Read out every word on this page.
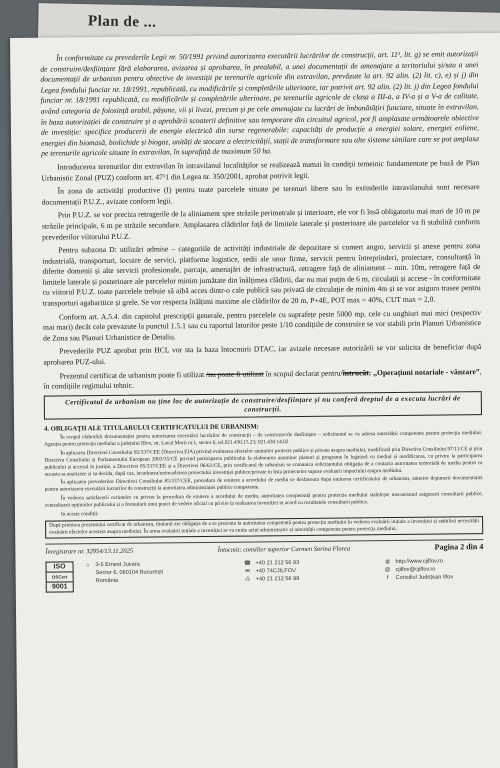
Plan de ...

În conformitate cu prevederile Legii nr. 50/1991 privind autorizarea executării lucrărilor de construcții, art. 11¹, lit. g) se emit autorizații de construire/desființare fără elaborarea, avizarea și aprobarea, în prealabil, a unei documentații de amenajare a teritoriului și/sau a unei documentații de urbanism pentru obiective de investiții pe terenurile agricole din extravilan, prevăzute la art. 92 alin. (2) lit. c), e) și j) din Legea fondului funciar nr. 18/1991, republicată, cu modificările și completările ulterioare, iar potrivit art. 92 alin. (2) lit. j) din Legea fondului funciar nr. 18/1991 republicată, cu modificările și completările ulterioare, pe terenurile agricole de clasa a III-a, a IV-a și a V-a de calitate, având categoria de folosință arabil, pășune, vii și livezi, precum și pe cele amenajate cu lucrări de îmbunătățiri funciare, situate în extravilan, în baza autorizației de construire și a aprobării scoaterii definitive sau temporare din circuitul agricol, pot fi amplasate următoarele obiective de investiție: specifice producerii de energie electrică din surse regenerabile: capacități de producție a energiei solare, energiei eoliene, energiei din biomasă, biolichide și biogaz, unități de stocare a electricității, stații de transformare sau alte sisteme similare care se pot amplasa pe terenurile agricole situate în extravilan, în suprafață de maximum 50 ha.

Introducerea terenurilor din extravilan în intravilanul localităților se realizează numai în condiții temeinic fundamentate pe bază de Plan Urbanistic Zonal (PUZ) conform art. 47¹1 din Legea nr. 350/2001, aprobat potrivit legii.

În zona de activități productive (I) pentru toate parcelele situate pe terenuri libere sau în extinderile intravilanului sunt necesare documentații P.U.Z., avizate conform legii.

Prin P.U.Z. se vor preciza retragerile de la aliniament spre străzile perimetrale și interioare, ele vor fi însă obligatoriu mai mari de 10 m pe străzile principale, 6 m pe străzile secundare. Amplasarea clădirilor față de limitele laterale și posterioare ale parcelelor va fi stabilită conform prevederilor viitorului P.U.Z.

Pentru subzona D: utilizări admise – categoriile de activități industriale de depozitare si comert angro, servicii și anexe pentru zona industrială, transporturi, locuire de servici, platforme logistice, sedii ale unor firme, servicii pentru întreprinderi, proiectare, consultanță în diferite domenii și alte servicii profesionale, parcaje, amenajări de infrastructură, retragere față de aliniament – min. 10m, retragere față de limitele laterale și posterioare ale parcelelor minim jumătate din înălțimea clădirii, dar nu mai puțin de 6 m, circulații și accese - în conformitate cu viitorul P.U.Z. toate parcelele trebuie să aibă acces dintr-o cale publică sau privată de circulație de minim 4m și se vor asigura trasee pentru transporturi agabaritice și grele. Se vor respecta înălțimi maxime ale clădirilor de 20 m, P+4E, POT max = 40%, CUT max = 2,0.

Conform art. A.5.4. din capitolul prescripții generale, pentru parcelele cu suprafețe peste 5000 mp, cele cu unghiuri mai mici (respectiv mai mari) decât cele prevazute la punctul 1.5.1 sau cu raportul laturilor peste 1/10 condițiile de construire se vor stabili prin Planuri Urbanistice de Zona sau Planuri Urbanistice de Detaliu.

Prevederile PUZ aprobat prin HCL vor sta la baza întocmirii DTAC, iar avizele necesare autorizării se vor solicita de beneficiar după aprobarea PUZ-ului.

Prezentul certificat de urbanism poate fi utilizat /nu poate fi utilizat în scopul declarat pentru/întrucât: „Operațiuni notariale - vânzare”, în condițiile regimului tehnic.

Certificatul de urbanism nu ține loc de autorizație de construire/desființare și nu conferă dreptul de a executa lucrări de construcții.
4. OBLIGAȚII ALE TITULARULUI CERTIFICATULUI DE URBANISM:

În scopul elaborării documentației pentru autorizarea executării lucrărilor de construcții – de construire/de desființare – solicitantul se va adresa autorității competente pentru protecția mediului: Agenția pentru protecția mediului a județului Ilfov, str. Lacul Morii nr.1, sector 6, tel.021.430.15.23; 021.430.14.02

În aplicarea Directivei Consiliului 85/337/CEE (Directiva EIA) privind evaluarea efectelor anumitor proiecte publice și private asupra mediului, modificată prin Directiva Consiliului 97/11/CE și prin Directiva Consiliului și Parlamentului European 2003/35/CE privind participarea publicului la elaborarea anumitor planuri și programe în legatură cu mediul și modificarea, cu privire la participarea publicului și accesul la justiție, a Directivei 85/337/CEE și a Directivei 96/61/CE, prin certificatul de urbanism se comunica solicitantului obligația de a contacta autoritatea teritorială de mediu pentru ca aceasta sa analizeze și sa decida, după caz, incadrarea/neincadrarea proiectului investiției publice/private in lista proiectelor supuse evaluarii impactului asupra mediului.

În aplicarea prevederilor Directivei Consiliului 85/337/CEE, procedura de emitere a acordului de mediu se desfasoara dupa emiterea certificatului de urbanism, anterior depunerii documentației pentru autorizarea executării lucrarilor de construcții la autoritatea administrației publice competente.

În vederea satisfacerii cerintelor cu privire la procedura de emitere a acordului de mediu, autoritatea competentă pentru protecția mediului stabilește mecanismul asigurarii consultarii publice, centralizarii opțiunilor publicului și a formularii unui punct de vedere oficial cu privire la realizarea investiției in acord cu rezultatele consultarii publice.

In aceste condiții:

După primirea prezentului certificat de urbanism, titularul are obligația de a se prezenta la autoritatea competentă pentru protecția mediului în vederea evaluării inițiale a investiției și stabilirii necesității evaluării efectelor acesteia asupra mediului. În urma evaluării inițiale a investiției se va emite actul administrativ al autorității competente pentru protecția mediului.

Înregistrare nr. 32954/13.11.2025	Întocmit: consilier superior Carmen Sorina Florea	Pagina 2 din 4
ISO
OSCert
9001
⌂ 3-5 Ernest Juvara
Sector 6, 060104 București
România
☎ +40 21 212 56 93
✉ +40 74CJILFOV
⎙ +40 21 212 56 99
◍ http://www.cjilfov.ro
@ cjilfov@cjilfov.ro
f Consiliul Județean Ilfov
